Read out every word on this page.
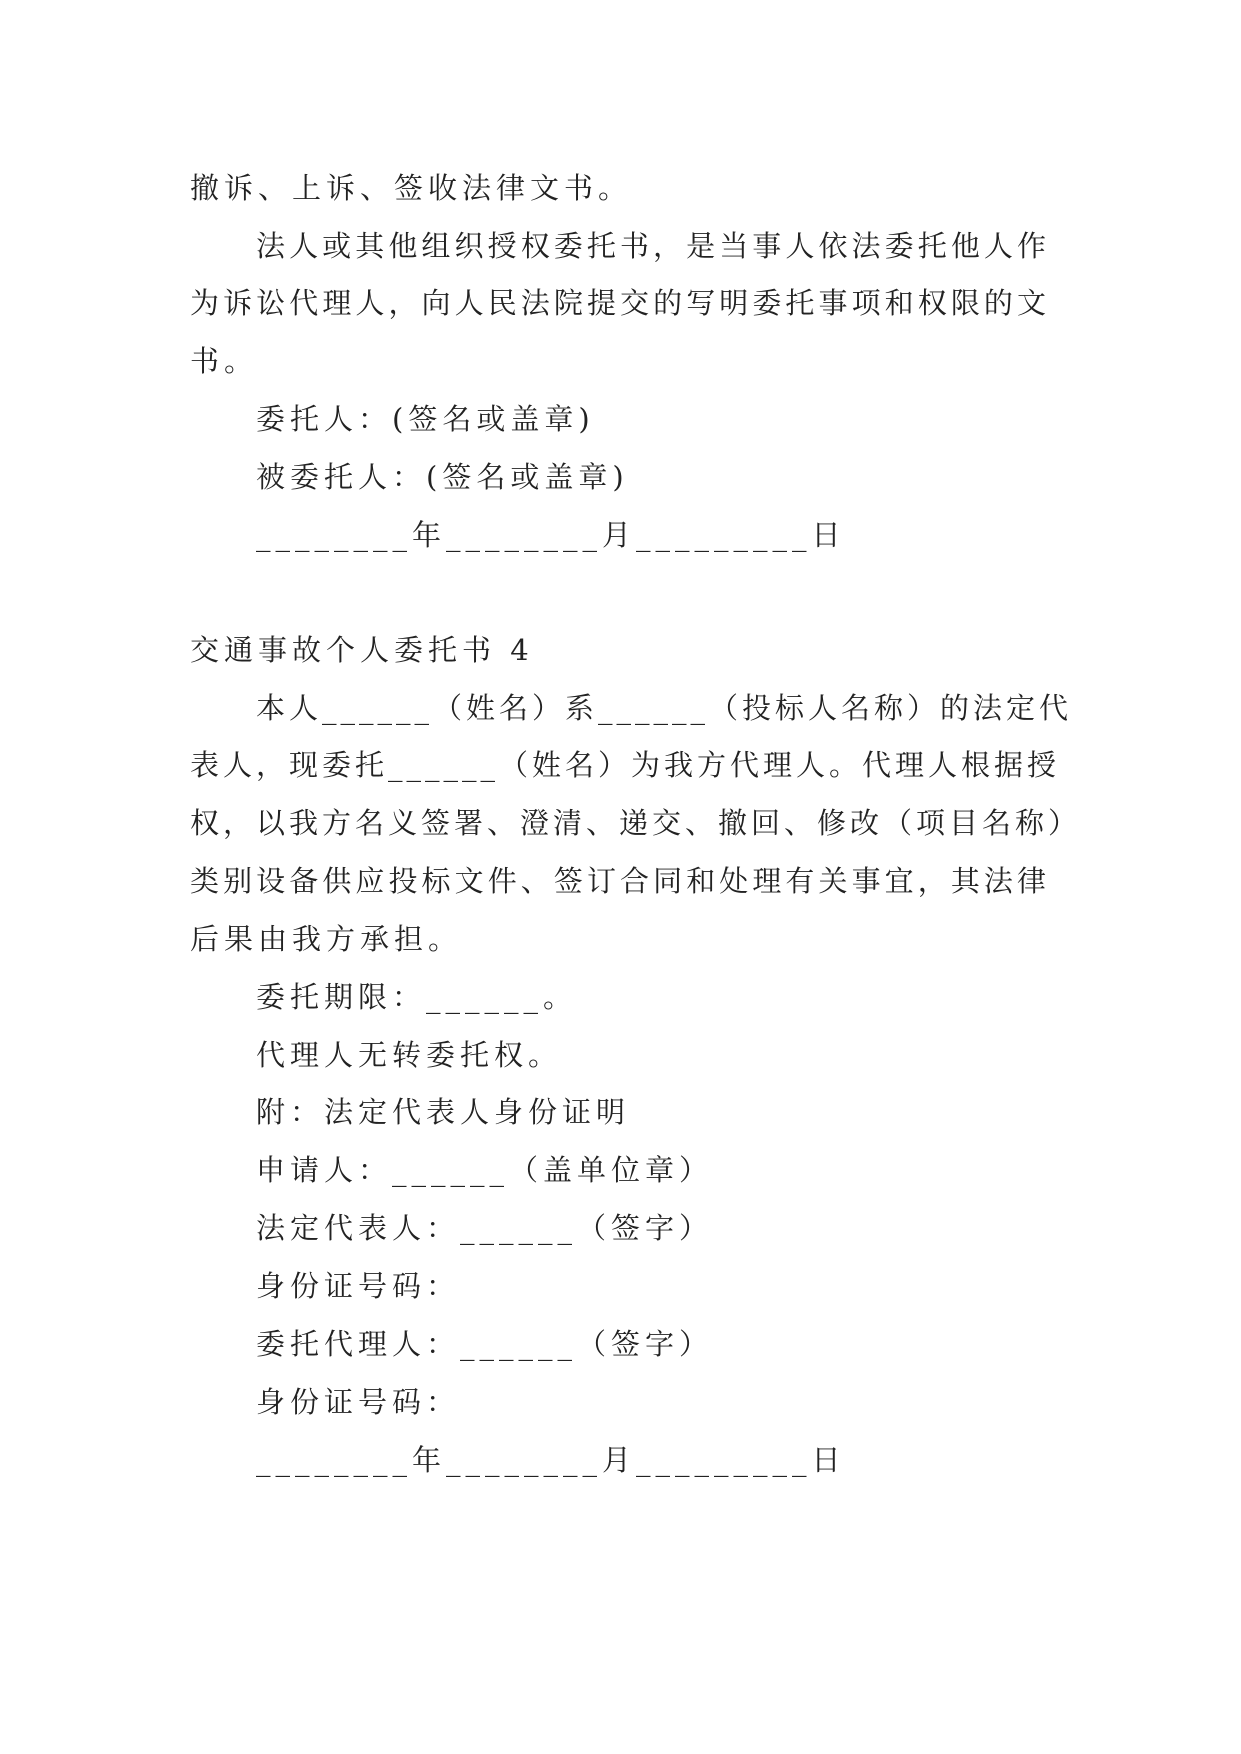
撤诉、上诉、签收法律文书。
法人或其他组织授权委托书，是当事人依法委托他人作
为诉讼代理人，向人民法院提交的写明委托事项和权限的文
书。
委托人：(签名或盖章)
被委托人：(签名或盖章)
________年________月_________日
交通事故个人委托书 4
本人______（姓名）系______（投标人名称）的法定代
表人，现委托______（姓名）为我方代理人。代理人根据授
权，以我方名义签署、澄清、递交、撤回、修改（项目名称）
类别设备供应投标文件、签订合同和处理有关事宜，其法律
后果由我方承担。
委托期限：______。
代理人无转委托权。
附：法定代表人身份证明
申请人：______（盖单位章）
法定代表人：______（签字）
身份证号码：
委托代理人：______（签字）
身份证号码：
________年________月_________日
